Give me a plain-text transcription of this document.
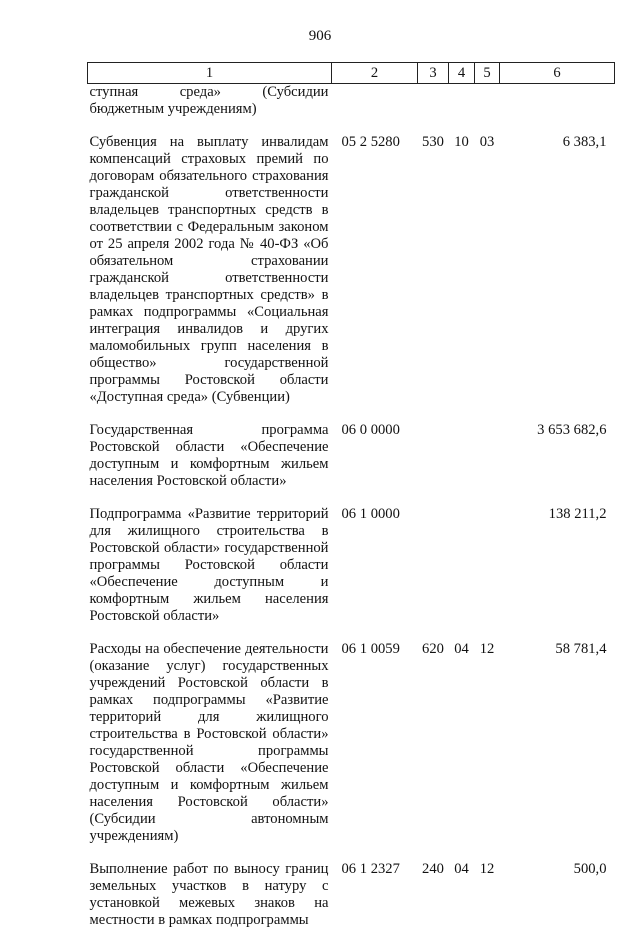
906
1	2	3	4	5	6
ступная среда» (Субсидии бюджетным учреждениям)					

Субвенция на выплату инвалидам компенсаций страховых премий по договорам обязательного страхования гражданской ответственности владельцев транспортных средств в соответствии с Федеральным законом от 25 апреля 2002 года № 40-ФЗ «Об обязательном страховании гражданской ответственности владельцев транспортных средств» в рамках подпрограммы «Социальная интеграция инвалидов и других маломобильных групп населения в общество» государственной программы Ростовской области «Доступная среда» (Субвенции)	05 2 5280	530	10	03	6 383,1

Государственная программа Ростовской области «Обеспечение доступным и комфортным жильем населения Ростовской области»	06 0 0000				3 653 682,6

Подпрограмма «Развитие территорий для жилищного строительства в Ростовской области» государственной программы Ростовской области «Обеспечение доступным и комфортным жильем населения Ростовской области»	06 1 0000				138 211,2

Расходы на обеспечение деятельности (оказание услуг) государственных учреждений Ростовской области в рамках подпрограммы «Развитие территорий для жилищного строительства в Ростовской области» государственной программы Ростовской области «Обеспечение доступным и комфортным жильем населения Ростовской области» (Субсидии автономным учреждениям)	06 1 0059	620	04	12	58 781,4

Выполнение работ по выносу границ земельных участков в натуру с установкой межевых знаков на местности в рамках подпрограммы	06 1 2327	240	04	12	500,0
